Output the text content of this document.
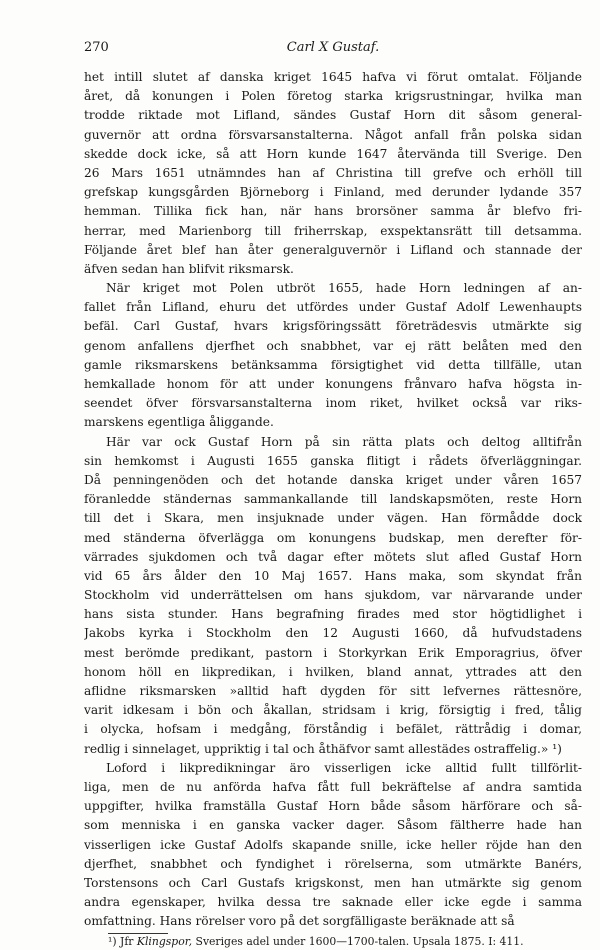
270	Carl X Gustaf.
het intill slutet af danska kriget 1645 hafva vi förut omtalat. Följande
året, då konungen i Polen företog starka krigsrustningar, hvilka man
trodde riktade mot Lifland, sändes Gustaf Horn dit såsom general-
guvernör att ordna försvarsanstalterna. Något anfall från polska sidan
skedde dock icke, så att Horn kunde 1647 återvända till Sverige. Den
26 Mars 1651 utnämndes han af Christina till grefve och erhöll till
grefskap kungsgården Björneborg i Finland, med derunder lydande 357
hemman. Tillika fick han, när hans brorsöner samma år blefvo fri-
herrar, med Marienborg till friherrskap, exspektansrätt till detsamma.
Följande året blef han åter generalguvernör i Lifland och stannade der
äfven sedan han blifvit riksmarsk.
När kriget mot Polen utbröt 1655, hade Horn ledningen af an-
fallet från Lifland, ehuru det utfördes under Gustaf Adolf Lewenhaupts
befäl. Carl Gustaf, hvars krigsföringssätt företrädesvis utmärkte sig
genom anfallens djerfhet och snabbhet, var ej rätt belåten med den
gamle riksmarskens betänksamma försigtighet vid detta tillfälle, utan
hemkallade honom för att under konungens frånvaro hafva högsta in-
seendet öfver försvarsanstalterna inom riket, hvilket också var riks-
marskens egentliga åliggande.
Här var ock Gustaf Horn på sin rätta plats och deltog alltifrån
sin hemkomst i Augusti 1655 ganska flitigt i rådets öfverläggningar.
Då penningenöden och det hotande danska kriget under våren 1657
föranledde ständernas sammankallande till landskapsmöten, reste Horn
till det i Skara, men insjuknade under vägen. Han förmådde dock
med ständerna öfverlägga om konungens budskap, men derefter för-
värrades sjukdomen och två dagar efter mötets slut afled Gustaf Horn
vid 65 års ålder den 10 Maj 1657. Hans maka, som skyndat från
Stockholm vid underrättelsen om hans sjukdom, var närvarande under
hans sista stunder. Hans begrafning firades med stor högtidlighet i
Jakobs kyrka i Stockholm den 12 Augusti 1660, då hufvudstadens
mest berömde predikant, pastorn i Storkyrkan Erik Emporagrius, öfver
honom höll en likpredikan, i hvilken, bland annat, yttrades att den
aflidne riksmarsken »alltid haft dygden för sitt lefvernes rättesnöre,
varit idkesam i bön och åkallan, stridsam i krig, försigtig i fred, tålig
i olycka, hofsam i medgång, förståndig i befälet, rättrådig i domar,
redlig i sinnelaget, uppriktig i tal och åthäfvor samt allestädes ostraffelig.» ¹)
Loford i likpredikningar äro visserligen icke alltid fullt tillförlit-
liga, men de nu anförda hafva fått full bekräftelse af andra samtida
uppgifter, hvilka framställa Gustaf Horn både såsom härförare och så-
som menniska i en ganska vacker dager. Såsom fältherre hade han
visserligen icke Gustaf Adolfs skapande snille, icke heller röjde han den
djerfhet, snabbhet och fyndighet i rörelserna, som utmärkte Banérs,
Torstensons och Carl Gustafs krigskonst, men han utmärkte sig genom
andra egenskaper, hvilka dessa tre saknade eller icke egde i samma
omfattning. Hans rörelser voro på det sorgfälligaste beräknade att så
¹) Jfr Klingspor, Sveriges adel under 1600—1700-talen. Upsala 1875. I: 411.
